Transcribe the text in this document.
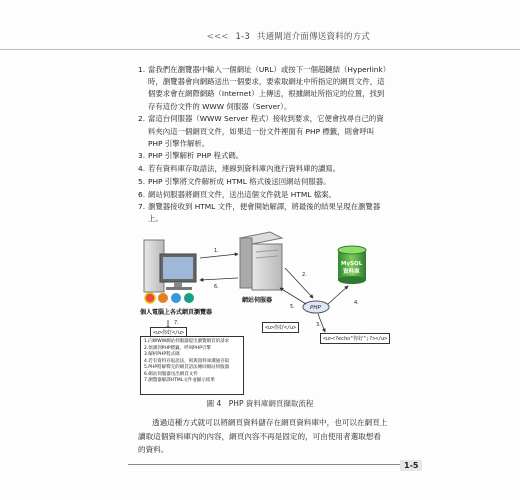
<<< 1-3 共通閘道介面傳送資料的方式
1. 當我們在瀏覽器中輸入一個網址（URL）或按下一個超鏈結（Hyperlink）時，瀏覽器會向網路送出一個要求，要索取網址中所指定的網頁文件，這個要求會在網際網路（Internet）上傳送，根據網址所指定的位置，找到存有這份文件的 WWW 伺服器（Server）。
2. 當這台伺服器（WWW Server 程式）接收到要求，它便會找尋自己的資料夾內這一個網頁文件，如果這一份文件裡面有 PHP 標籤，則會呼叫 PHP 引擎作解析。
3. PHP 引擎解析 PHP 程式碼。
4. 若有資料庫存取語法，連線到資料庫內進行資料庫的讀寫。
5. PHP 引擎將文件解析成 HTML 格式後送回網站伺服器。
6. 網站伺服器將網頁文件，送出這個文件就是 HTML 檔案。
7. 瀏覽器接收到 HTML 文件，便會開始解譯，將最後的結果呈現在瀏覽器上。
個人電腦上各式網頁瀏覽器
網站伺服器
PHP
MySQL
資料庫
1.
2.
3.
4.
5.
6.
7.
<u>你好</u>
<u>你好</u>
<u><?echo"你好";?></u>
1.向WWW網站伺服器提出瀏覽網頁的請求
2.偵測到PHP標籤，呼叫PHP引擎
3.解析PHP程式碼
4.若有資料存取語法，則與資料庫溝通存取
5.PHP將解釋完的網頁語法傳回網站伺服器
6.網站伺服器送出網頁文件
7.瀏覽器解譯HTML文件並顯示結果
圖 4　PHP 資料庫網頁擷取流程
透過這種方式就可以將網頁資料儲存在網頁資料庫中，也可以在網頁上讀取這個資料庫內的內容，網頁內容不再是固定的，可由使用者選取想看的資料。
1-5
